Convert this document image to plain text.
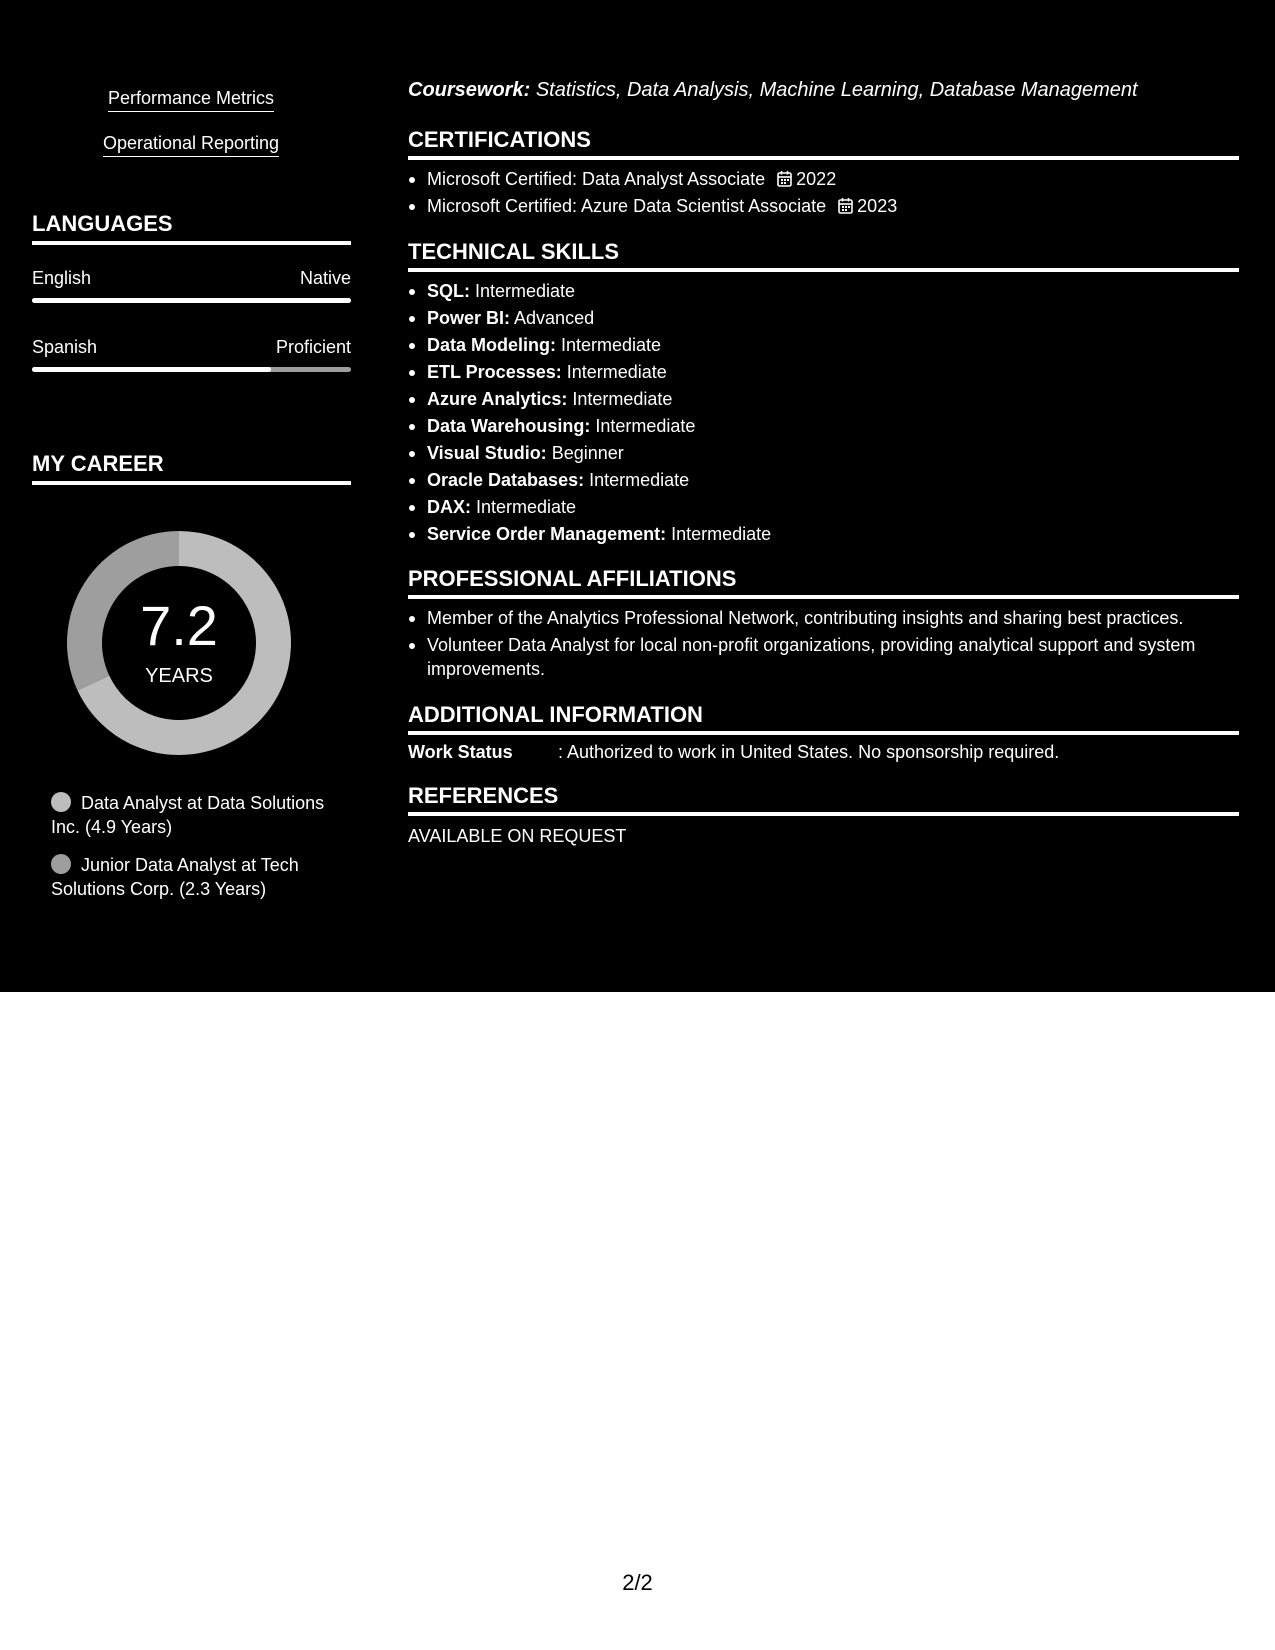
Performance Metrics
Operational Reporting
LANGUAGES
English	Native
Spanish	Proficient
MY CAREER
7.2
YEARS
Data Analyst at Data Solutions Inc. (4.9 Years)
Junior Data Analyst at Tech Solutions Corp. (2.3 Years)
Coursework: Statistics, Data Analysis, Machine Learning, Database Management
CERTIFICATIONS
Microsoft Certified: Data Analyst Associate 2022
Microsoft Certified: Azure Data Scientist Associate 2023
TECHNICAL SKILLS
SQL: Intermediate
Power BI: Advanced
Data Modeling: Intermediate
ETL Processes: Intermediate
Azure Analytics: Intermediate
Data Warehousing: Intermediate
Visual Studio: Beginner
Oracle Databases: Intermediate
DAX: Intermediate
Service Order Management: Intermediate
PROFESSIONAL AFFILIATIONS
Member of the Analytics Professional Network, contributing insights and sharing best practices.
Volunteer Data Analyst for local non-profit organizations, providing analytical support and system improvements.
ADDITIONAL INFORMATION
Work Status	: Authorized to work in United States. No sponsorship required.
REFERENCES
AVAILABLE ON REQUEST
2/2
